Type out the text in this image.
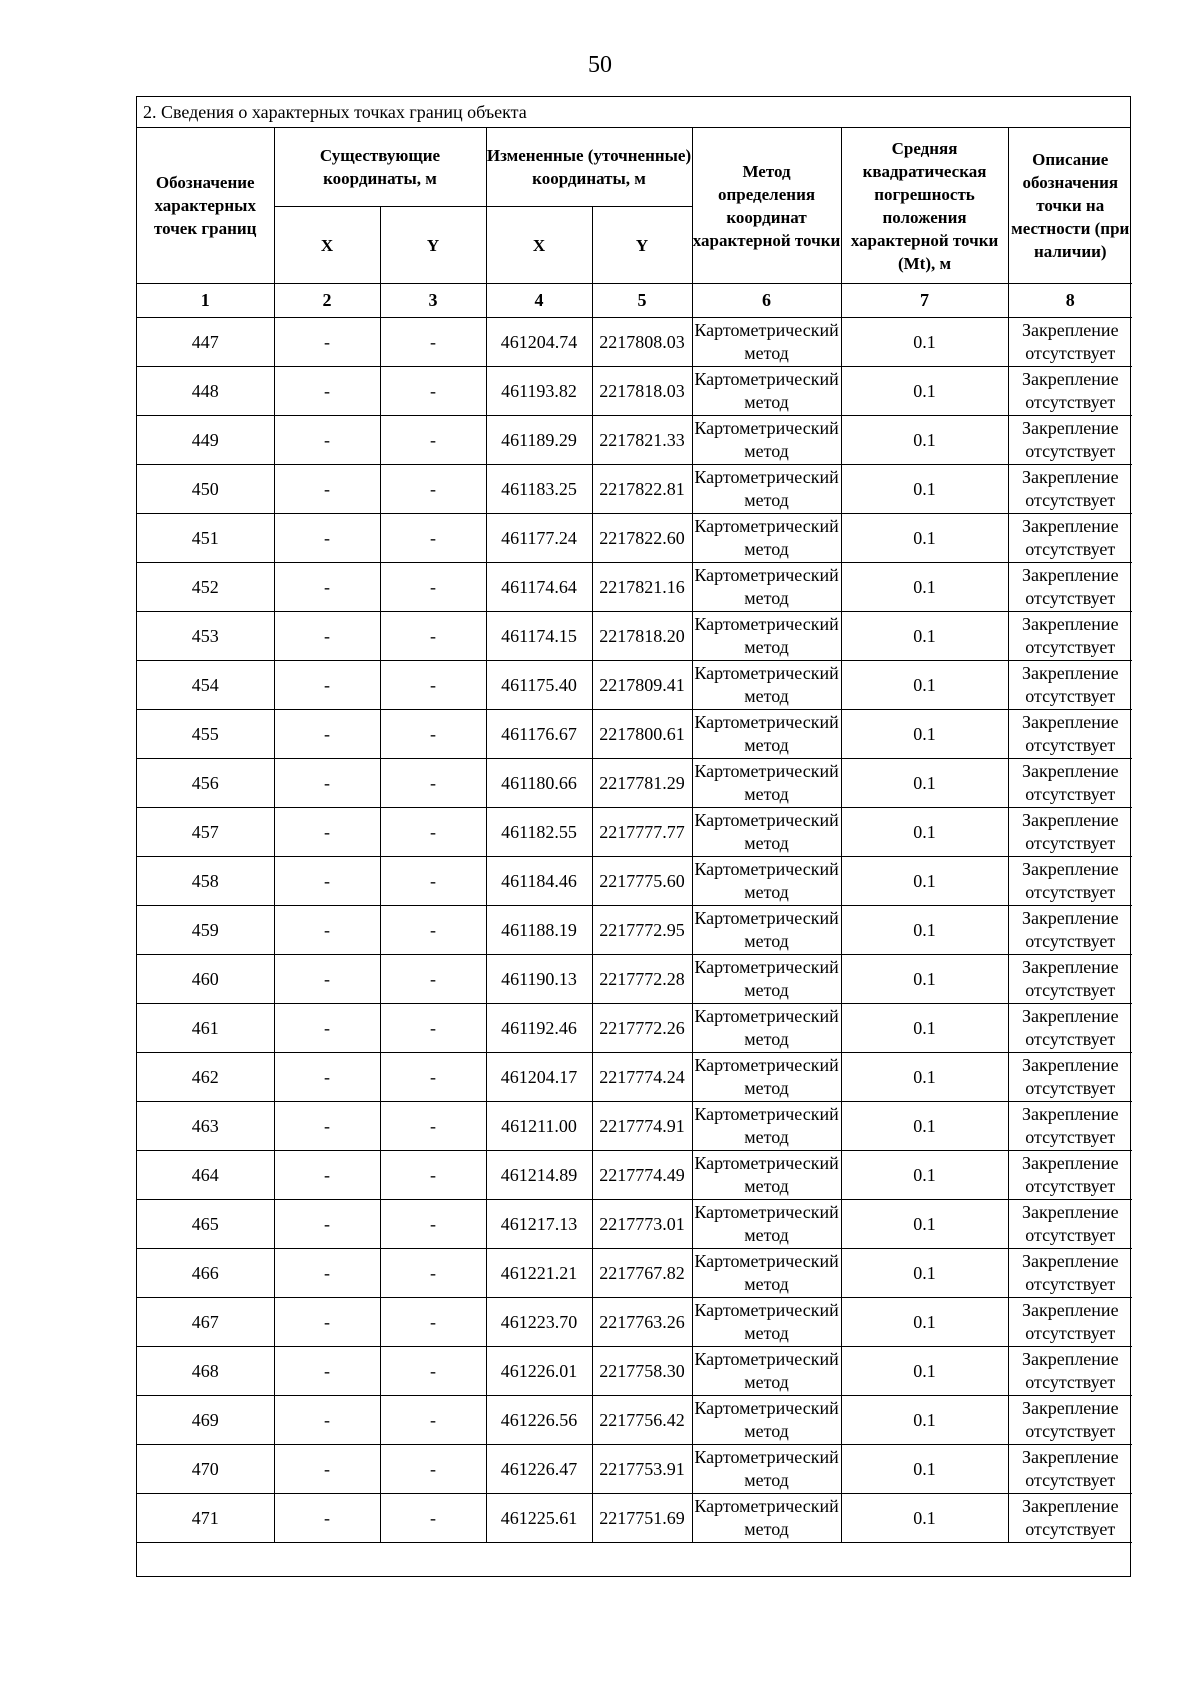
50
2. Сведения о характерных точках границ объекта
Обозначение характерных точек границ	Существующие координаты, м		Измененные (уточненные) координаты, м		Метод определения координат характерной точки	Средняя квадратическая погрешность положения характерной точки (Mt), м	Описание обозначения точки на местности (при наличии)
	X	Y	X	Y			
1	2	3	4	5	6	7	8
447	-	-	461204.74	2217808.03	Картометрический метод	0.1	Закрепление отсутствует
448	-	-	461193.82	2217818.03	Картометрический метод	0.1	Закрепление отсутствует
449	-	-	461189.29	2217821.33	Картометрический метод	0.1	Закрепление отсутствует
450	-	-	461183.25	2217822.81	Картометрический метод	0.1	Закрепление отсутствует
451	-	-	461177.24	2217822.60	Картометрический метод	0.1	Закрепление отсутствует
452	-	-	461174.64	2217821.16	Картометрический метод	0.1	Закрепление отсутствует
453	-	-	461174.15	2217818.20	Картометрический метод	0.1	Закрепление отсутствует
454	-	-	461175.40	2217809.41	Картометрический метод	0.1	Закрепление отсутствует
455	-	-	461176.67	2217800.61	Картометрический метод	0.1	Закрепление отсутствует
456	-	-	461180.66	2217781.29	Картометрический метод	0.1	Закрепление отсутствует
457	-	-	461182.55	2217777.77	Картометрический метод	0.1	Закрепление отсутствует
458	-	-	461184.46	2217775.60	Картометрический метод	0.1	Закрепление отсутствует
459	-	-	461188.19	2217772.95	Картометрический метод	0.1	Закрепление отсутствует
460	-	-	461190.13	2217772.28	Картометрический метод	0.1	Закрепление отсутствует
461	-	-	461192.46	2217772.26	Картометрический метод	0.1	Закрепление отсутствует
462	-	-	461204.17	2217774.24	Картометрический метод	0.1	Закрепление отсутствует
463	-	-	461211.00	2217774.91	Картометрический метод	0.1	Закрепление отсутствует
464	-	-	461214.89	2217774.49	Картометрический метод	0.1	Закрепление отсутствует
465	-	-	461217.13	2217773.01	Картометрический метод	0.1	Закрепление отсутствует
466	-	-	461221.21	2217767.82	Картометрический метод	0.1	Закрепление отсутствует
467	-	-	461223.70	2217763.26	Картометрический метод	0.1	Закрепление отсутствует
468	-	-	461226.01	2217758.30	Картометрический метод	0.1	Закрепление отсутствует
469	-	-	461226.56	2217756.42	Картометрический метод	0.1	Закрепление отсутствует
470	-	-	461226.47	2217753.91	Картометрический метод	0.1	Закрепление отсутствует
471	-	-	461225.61	2217751.69	Картометрический метод	0.1	Закрепление отсутствует
